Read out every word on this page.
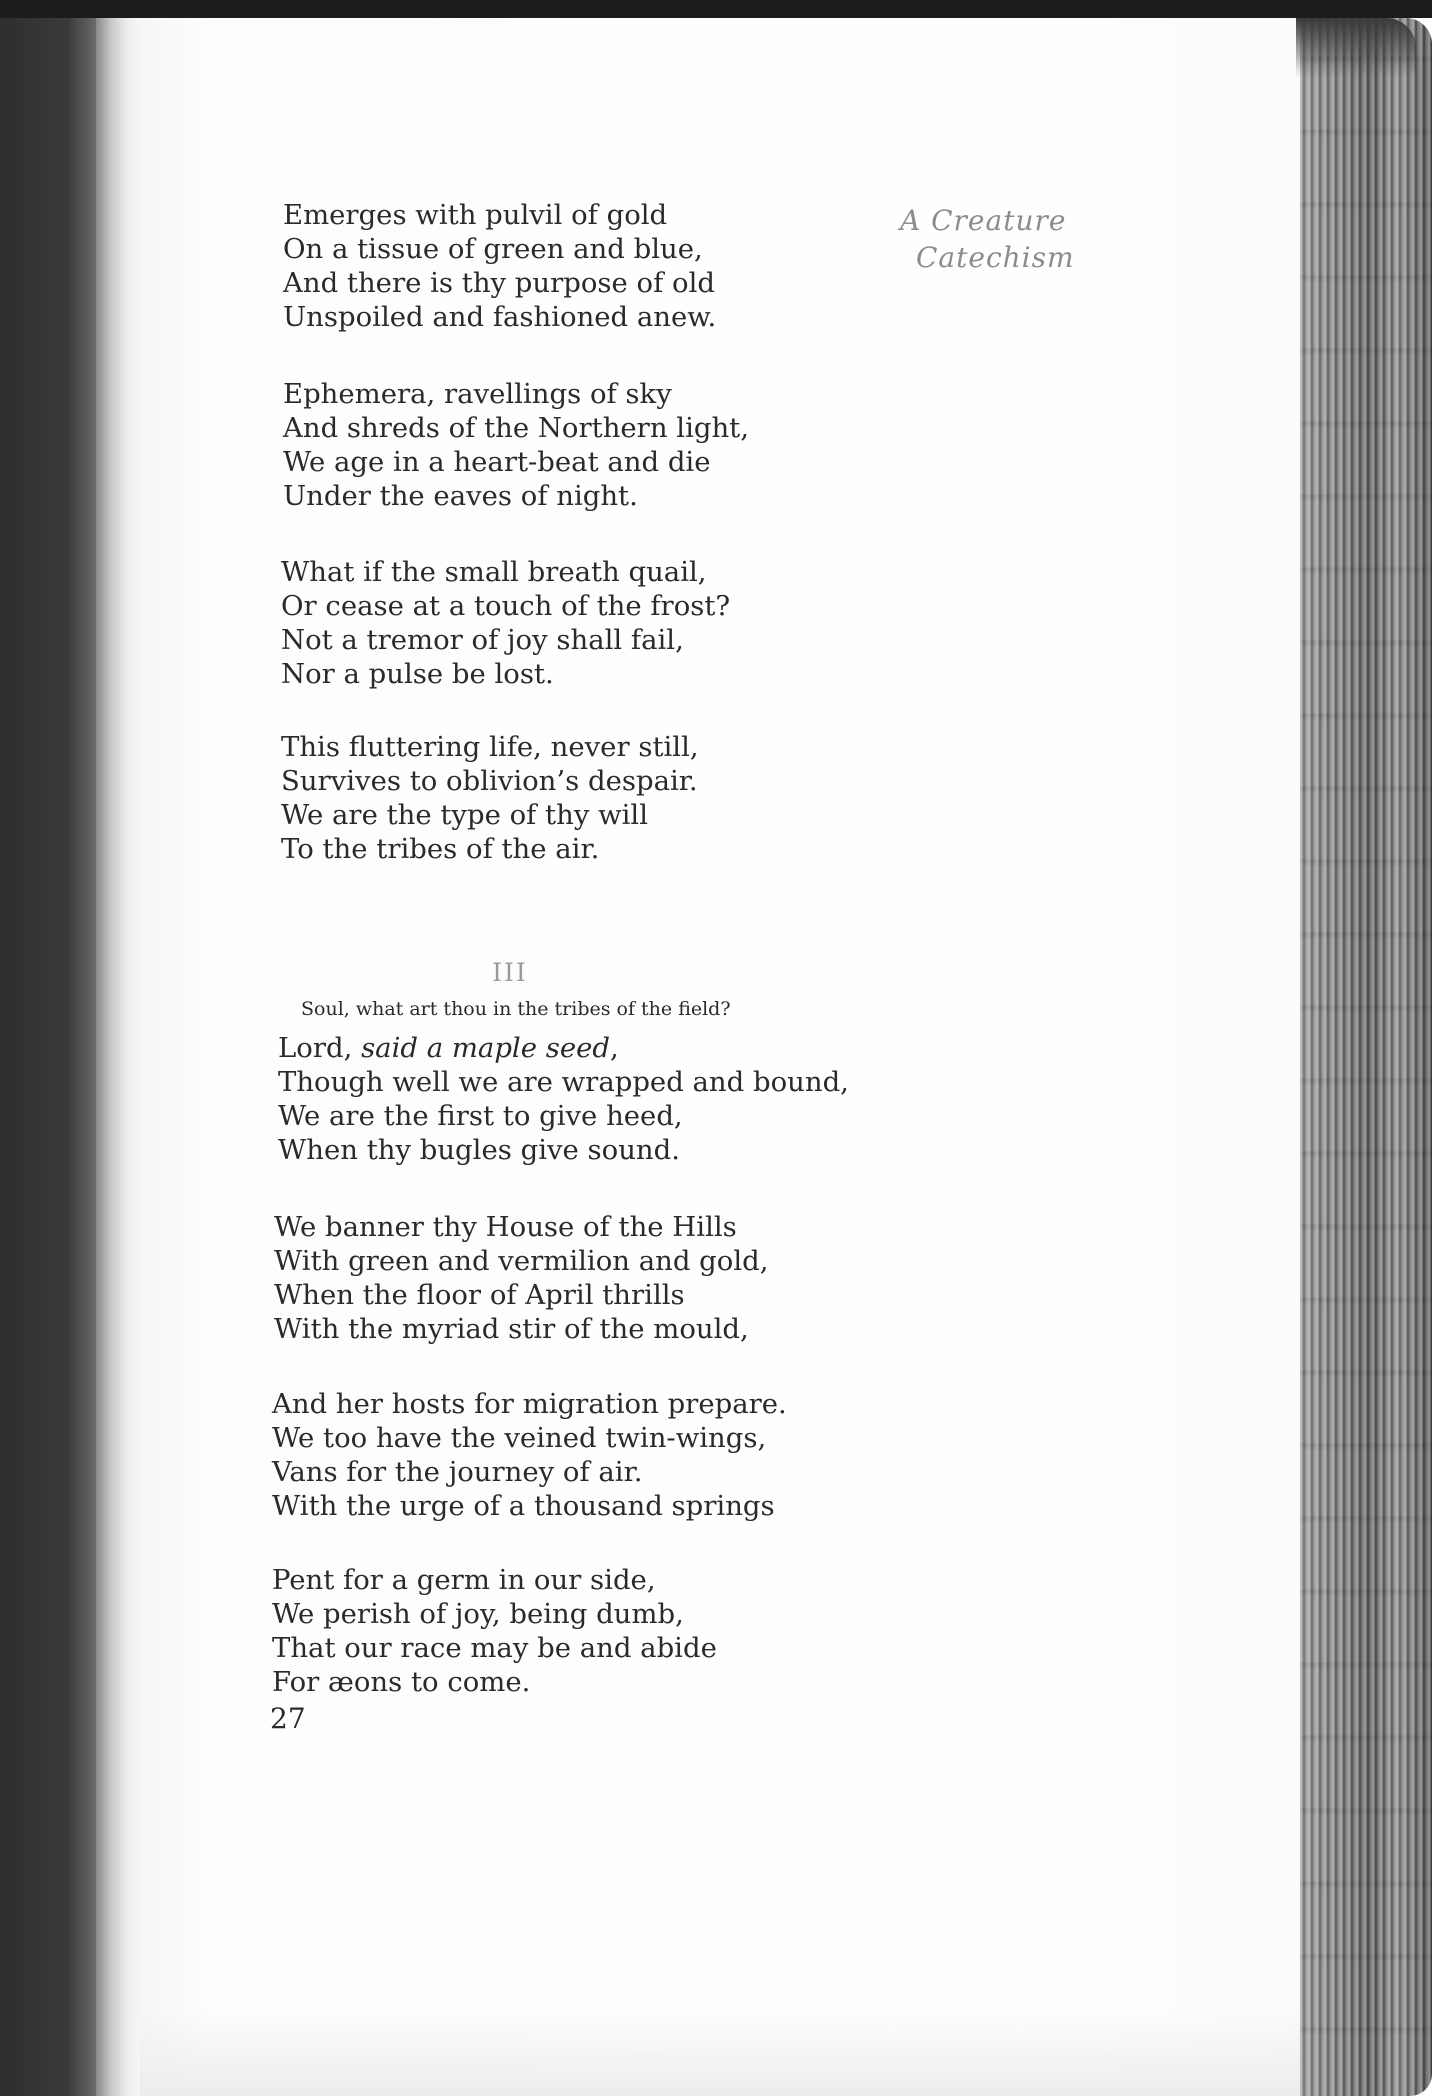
A Creature
Catechism
Emerges with pulvil of gold
On a tissue of green and blue,
And there is thy purpose of old
Unspoiled and fashioned anew.
Ephemera, ravellings of sky
And shreds of the Northern light,
We age in a heart-beat and die
Under the eaves of night.
What if the small breath quail,
Or cease at a touch of the frost?
Not a tremor of joy shall fail,
Nor a pulse be lost.
This fluttering life, never still,
Survives to oblivion’s despair.
We are the type of thy will
To the tribes of the air.
III
Soul, what art thou in the tribes of the field?
Lord, said a maple seed,
Though well we are wrapped and bound,
We are the first to give heed,
When thy bugles give sound.
We banner thy House of the Hills
With green and vermilion and gold,
When the floor of April thrills
With the myriad stir of the mould,
And her hosts for migration prepare.
We too have the veined twin-wings,
Vans for the journey of air.
With the urge of a thousand springs
Pent for a germ in our side,
We perish of joy, being dumb,
That our race may be and abide
For æons to come.
27
